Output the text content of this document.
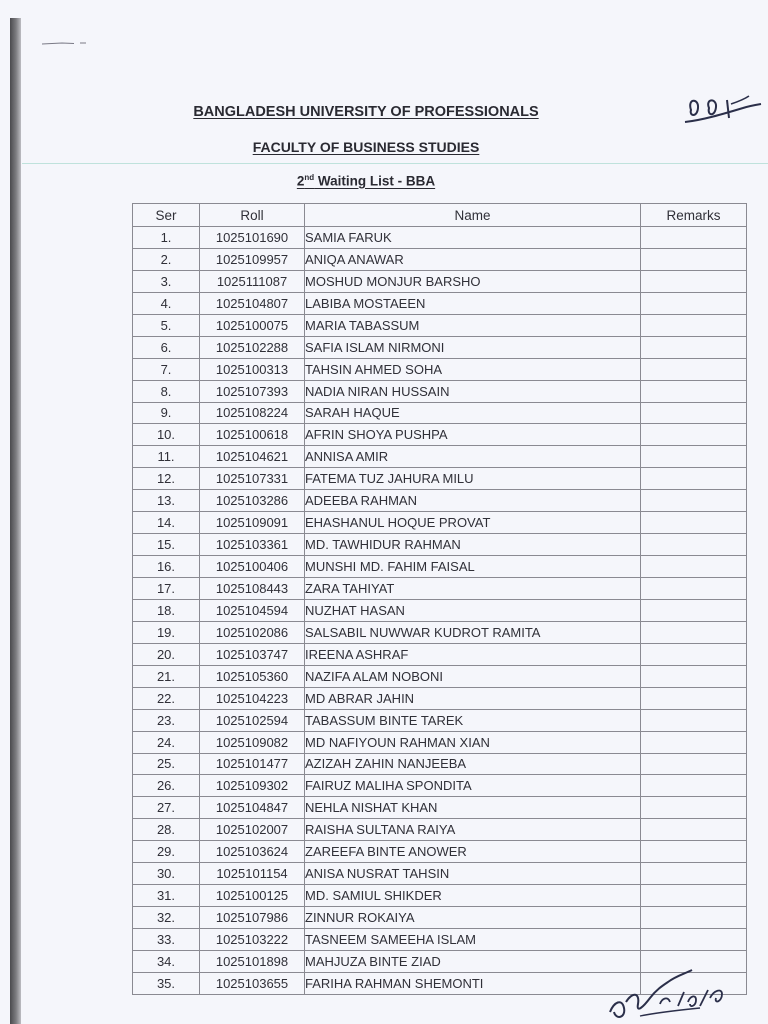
BANGLADESH UNIVERSITY OF PROFESSIONALS
FACULTY OF BUSINESS STUDIES
2nd Waiting List - BBA
Ser	Roll	Name	Remarks
1.	1025101690	SAMIA FARUK	
2.	1025109957	ANIQA ANAWAR	
3.	1025111087	MOSHUD MONJUR BARSHO	
4.	1025104807	LABIBA MOSTAEEN	
5.	1025100075	MARIA TABASSUM	
6.	1025102288	SAFIA ISLAM NIRMONI	
7.	1025100313	TAHSIN AHMED SOHA	
8.	1025107393	NADIA NIRAN HUSSAIN	
9.	1025108224	SARAH HAQUE	
10.	1025100618	AFRIN SHOYA PUSHPA	
11.	1025104621	ANNISA AMIR	
12.	1025107331	FATEMA TUZ JAHURA MILU	
13.	1025103286	ADEEBA RAHMAN	
14.	1025109091	EHASHANUL HOQUE PROVAT	
15.	1025103361	MD. TAWHIDUR RAHMAN	
16.	1025100406	MUNSHI MD. FAHIM FAISAL	
17.	1025108443	ZARA TAHIYAT	
18.	1025104594	NUZHAT HASAN	
19.	1025102086	SALSABIL NUWWAR KUDROT RAMITA	
20.	1025103747	IREENA ASHRAF	
21.	1025105360	NAZIFA ALAM NOBONI	
22.	1025104223	MD ABRAR JAHIN	
23.	1025102594	TABASSUM BINTE TAREK	
24.	1025109082	MD NAFIYOUN RAHMAN XIAN	
25.	1025101477	AZIZAH ZAHIN NANJEEBA	
26.	1025109302	FAIRUZ MALIHA SPONDITA	
27.	1025104847	NEHLA NISHAT KHAN	
28.	1025102007	RAISHA SULTANA RAIYA	
29.	1025103624	ZAREEFA BINTE ANOWER	
30.	1025101154	ANISA NUSRAT TAHSIN	
31.	1025100125	MD. SAMIUL SHIKDER	
32.	1025107986	ZINNUR ROKAIYA	
33.	1025103222	TASNEEM SAMEEHA ISLAM	
34.	1025101898	MAHJUZA BINTE ZIAD	
35.	1025103655	FARIHA RAHMAN SHEMONTI	
